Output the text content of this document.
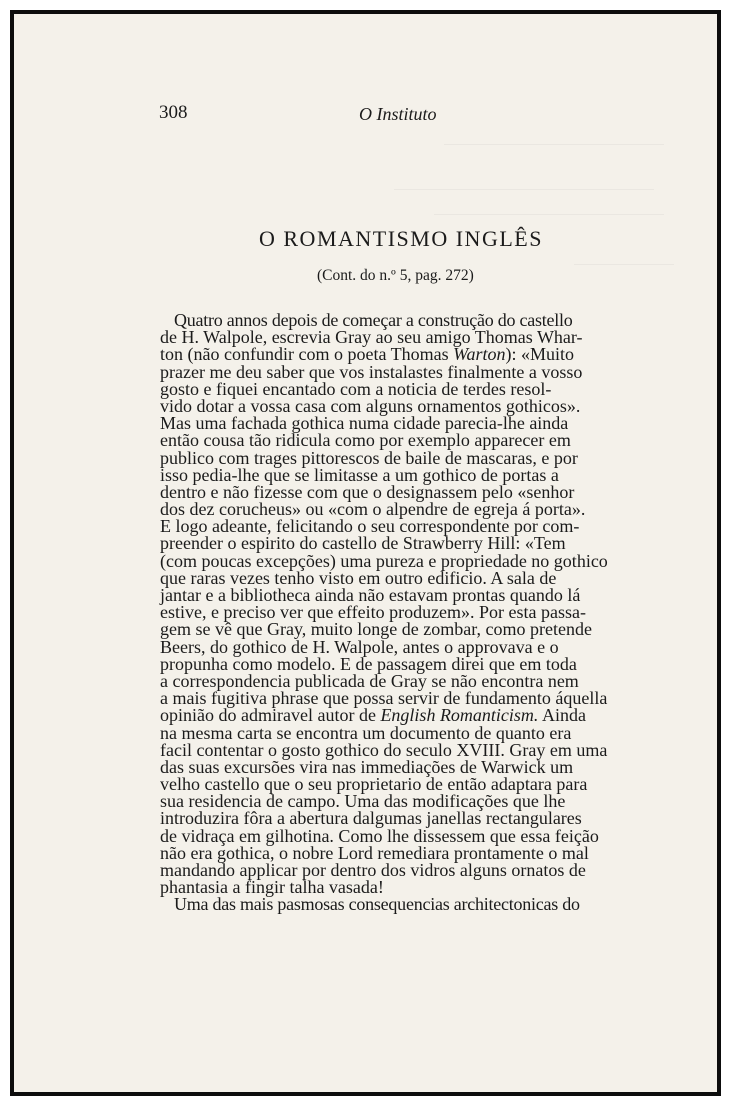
308	O Instituto
O ROMANTISMO INGLÊS
(Cont. do n.º 5, pag. 272)
Quatro annos depois de começar a construção do castello
de H. Walpole, escrevia Gray ao seu amigo Thomas Whar-
ton (não confundir com o poeta Thomas Warton): «Muito
prazer me deu saber que vos instalastes finalmente a vosso
gosto e fiquei encantado com a noticia de terdes resol-
vido dotar a vossa casa com alguns ornamentos gothicos».
Mas uma fachada gothica numa cidade parecia-lhe ainda
então cousa tão ridicula como por exemplo apparecer em
publico com trages pittorescos de baile de mascaras, e por
isso pedia-lhe que se limitasse a um gothico de portas a
dentro e não fizesse com que o designassem pelo «senhor
dos dez corucheus» ou «com o alpendre de egreja á porta».
E logo adeante, felicitando o seu correspondente por com-
preender o espirito do castello de Strawberry Hill: «Tem
(com poucas excepções) uma pureza e propriedade no gothico
que raras vezes tenho visto em outro edificio. A sala de
jantar e a bibliotheca ainda não estavam prontas quando lá
estive, e preciso ver que effeito produzem». Por esta passa-
gem se vê que Gray, muito longe de zombar, como pretende
Beers, do gothico de H. Walpole, antes o approvava e o
propunha como modelo. E de passagem direi que em toda
a correspondencia publicada de Gray se não encontra nem
a mais fugitiva phrase que possa servir de fundamento áquella
opinião do admiravel autor de English Romanticism. Ainda
na mesma carta se encontra um documento de quanto era
facil contentar o gosto gothico do seculo XVIII. Gray em uma
das suas excursões vira nas immediações de Warwick um
velho castello que o seu proprietario de então adaptara para
sua residencia de campo. Uma das modificações que lhe
introduzira fôra a abertura dalgumas janellas rectangulares
de vidraça em gilhotina. Como lhe dissessem que essa feição
não era gothica, o nobre Lord remediara prontamente o mal
mandando applicar por dentro dos vidros alguns ornatos de
phantasia a fingir talha vasada!
Uma das mais pasmosas consequencias architectonicas do
